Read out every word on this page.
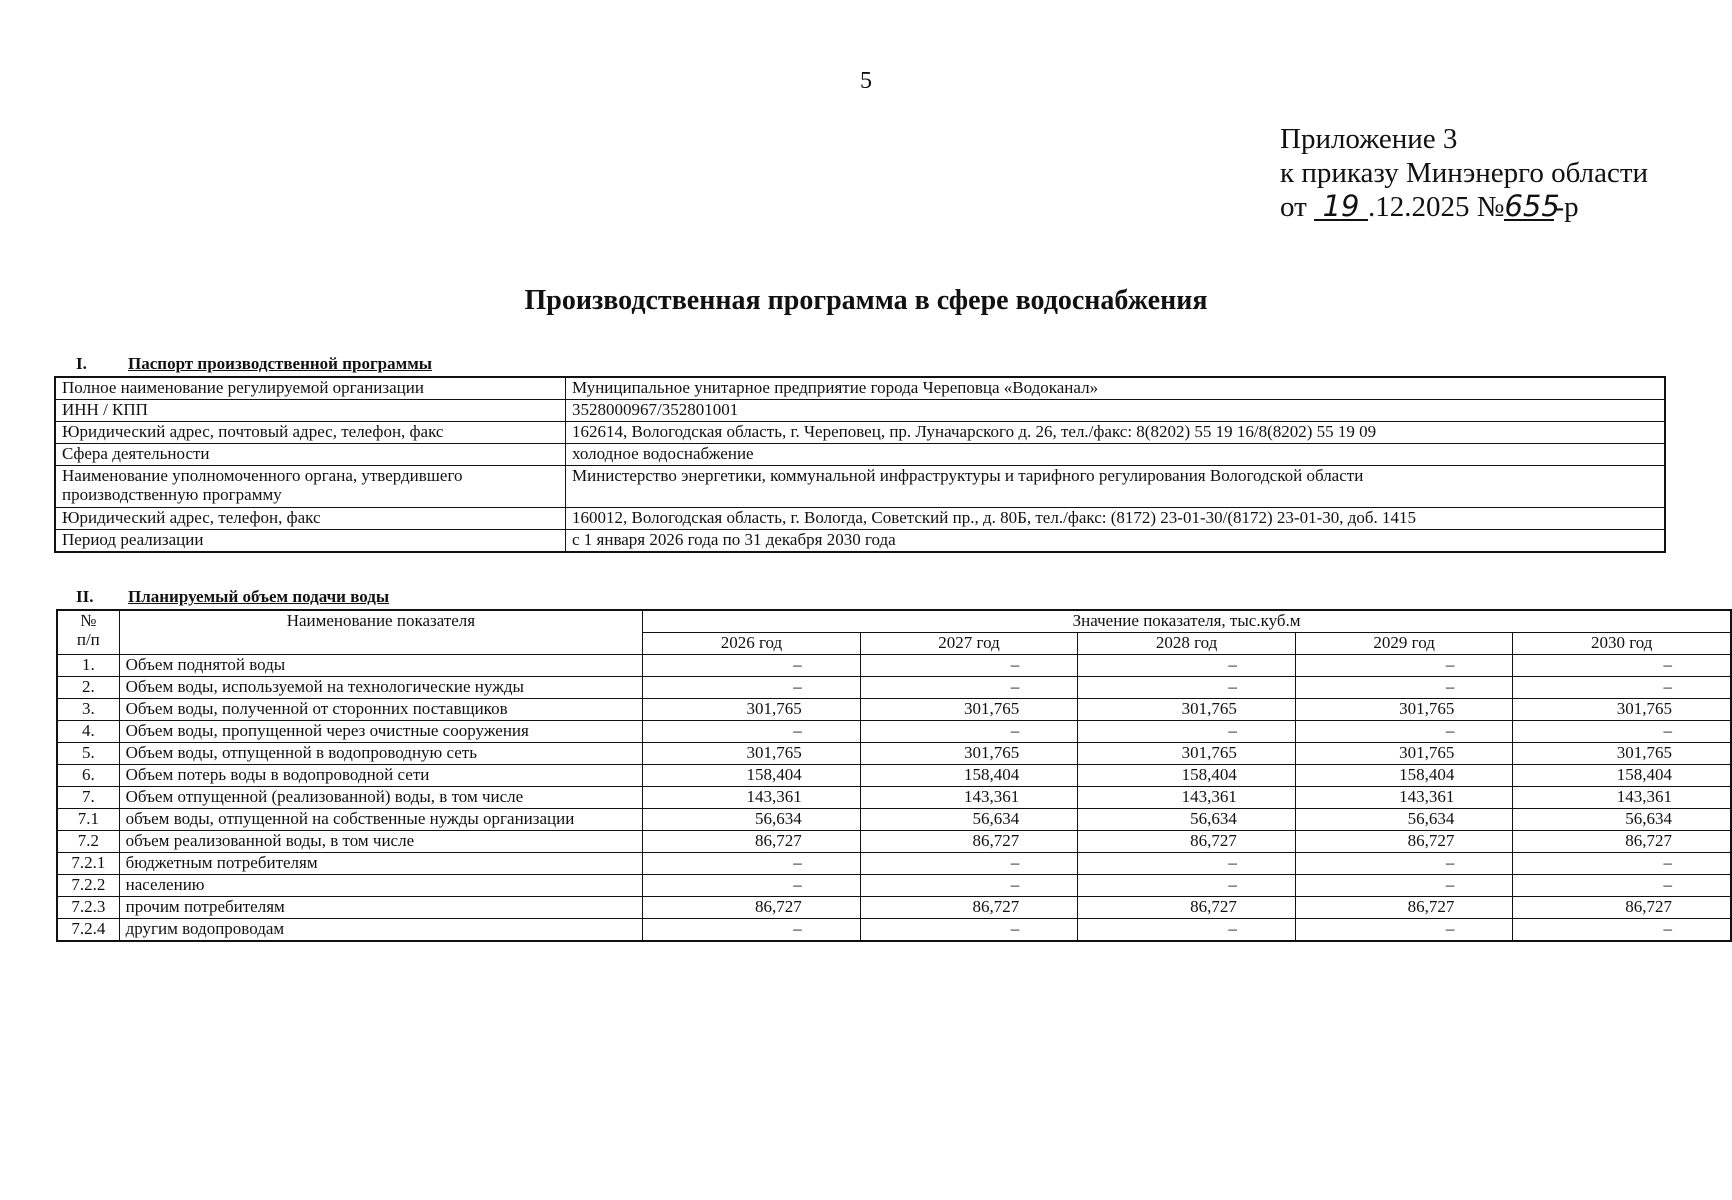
5
Приложение 3
к приказу Минэнерго области
от 19 .12.2025 №655-р
Производственная программа в сфере водоснабжения
I. Паспорт производственной программы
Полное наименование регулируемой организации	Муниципальное унитарное предприятие города Череповца «Водоканал»
ИНН / КПП	3528000967/352801001
Юридический адрес, почтовый адрес, телефон, факс	162614, Вологодская область, г. Череповец, пр. Луначарского д. 26, тел./факс: 8(8202) 55 19 16/8(8202) 55 19 09
Сфера деятельности	холодное водоснабжение
Наименование уполномоченного органа, утвердившего производственную программу	Министерство энергетики, коммунальной инфраструктуры и тарифного регулирования Вологодской области
Юридический адрес, телефон, факс	160012, Вологодская область, г. Вологда, Советский пр., д. 80Б, тел./факс: (8172) 23-01-30/(8172) 23-01-30, доб. 1415
Период реализации	с 1 января 2026 года по 31 декабря 2030 года
II. Планируемый объем подачи воды
№
п/п	Наименование показателя	Значение показателя, тыс.куб.м				
		2026 год	2027 год	2028 год	2029 год	2030 год
1.	Объем поднятой воды	–	–	–	–	–
2.	Объем воды, используемой на технологические нужды	–	–	–	–	–
3.	Объем воды, полученной от сторонних поставщиков	301,765	301,765	301,765	301,765	301,765
4.	Объем воды, пропущенной через очистные сооружения	–	–	–	–	–
5.	Объем воды, отпущенной в водопроводную сеть	301,765	301,765	301,765	301,765	301,765
6.	Объем потерь воды в водопроводной сети	158,404	158,404	158,404	158,404	158,404
7.	Объем отпущенной (реализованной) воды, в том числе	143,361	143,361	143,361	143,361	143,361
7.1	объем воды, отпущенной на собственные нужды организации	56,634	56,634	56,634	56,634	56,634
7.2	объем реализованной воды, в том числе	86,727	86,727	86,727	86,727	86,727
7.2.1	бюджетным потребителям	–	–	–	–	–
7.2.2	населению	–	–	–	–	–
7.2.3	прочим потребителям	86,727	86,727	86,727	86,727	86,727
7.2.4	другим водопроводам	–	–	–	–	–
